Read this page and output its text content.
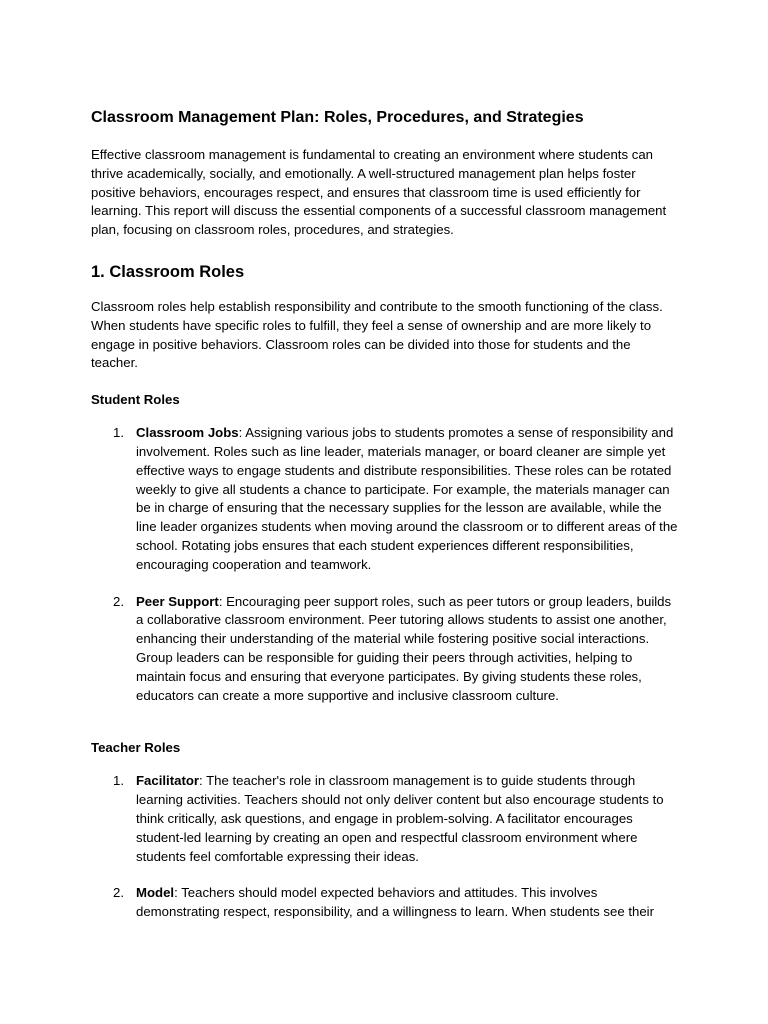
Classroom Management Plan: Roles, Procedures, and Strategies

Effective classroom management is fundamental to creating an environment where students can thrive academically, socially, and emotionally. A well-structured management plan helps foster positive behaviors, encourages respect, and ensures that classroom time is used efficiently for learning. This report will discuss the essential components of a successful classroom management plan, focusing on classroom roles, procedures, and strategies.

1. Classroom Roles

Classroom roles help establish responsibility and contribute to the smooth functioning of the class. When students have specific roles to fulfill, they feel a sense of ownership and are more likely to engage in positive behaviors. Classroom roles can be divided into those for students and the teacher.

Student Roles
1. Classroom Jobs: Assigning various jobs to students promotes a sense of responsibility and involvement. Roles such as line leader, materials manager, or board cleaner are simple yet effective ways to engage students and distribute responsibilities. These roles can be rotated weekly to give all students a chance to participate. For example, the materials manager can be in charge of ensuring that the necessary supplies for the lesson are available, while the line leader organizes students when moving around the classroom or to different areas of the school. Rotating jobs ensures that each student experiences different responsibilities, encouraging cooperation and teamwork.
2. Peer Support: Encouraging peer support roles, such as peer tutors or group leaders, builds a collaborative classroom environment. Peer tutoring allows students to assist one another, enhancing their understanding of the material while fostering positive social interactions. Group leaders can be responsible for guiding their peers through activities, helping to maintain focus and ensuring that everyone participates. By giving students these roles, educators can create a more supportive and inclusive classroom culture.
Teacher Roles
1. Facilitator: The teacher's role in classroom management is to guide students through learning activities. Teachers should not only deliver content but also encourage students to think critically, ask questions, and engage in problem-solving. A facilitator encourages student-led learning by creating an open and respectful classroom environment where students feel comfortable expressing their ideas.
2. Model: Teachers should model expected behaviors and attitudes. This involves demonstrating respect, responsibility, and a willingness to learn. When students see their
